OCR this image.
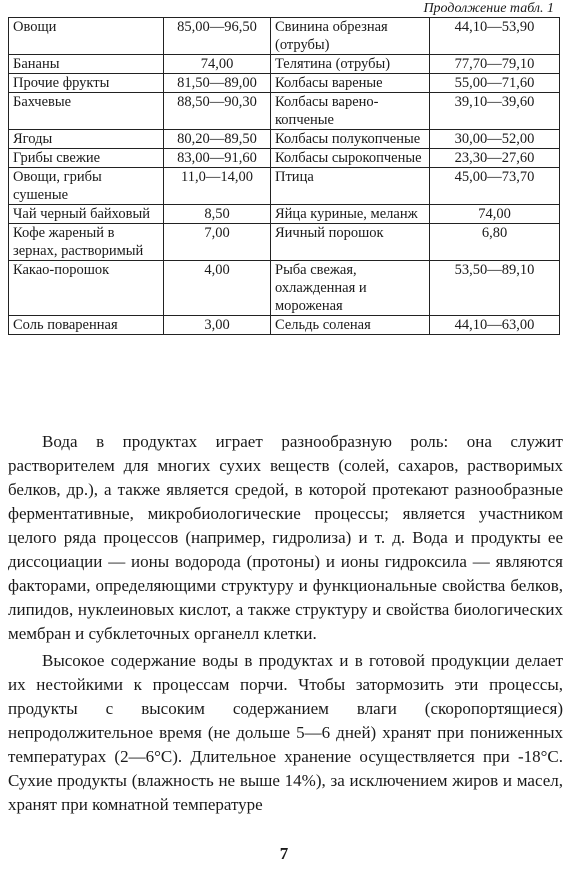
Продолжение табл. 1
Овощи	85,00—96,50	Свинина обрезная (отрубы)	44,10—53,90
Бананы	74,00	Телятина (отрубы)	77,70—79,10
Прочие фрукты	81,50—89,00	Колбасы вареные	55,00—71,60
Бахчевые	88,50—90,30	Колбасы варено-копченые	39,10—39,60
Ягоды	80,20—89,50	Колбасы полукопченые	30,00—52,00
Грибы свежие	83,00—91,60	Колбасы сырокопченые	23,30—27,60
Овощи, грибы сушеные	11,0—14,00	Птица	45,00—73,70
Чай черный байховый	8,50	Яйца куриные, меланж	74,00
Кофе жареный в зернах, растворимый	7,00	Яичный порошок	6,80
Какао-порошок	4,00	Рыба свежая, охлажденная и мороженая	53,50—89,10
Соль поваренная	3,00	Сельдь соленая	44,10—63,00

Вода в продуктах играет разнообразную роль: она служит растворителем для многих сухих веществ (солей, сахаров, растворимых белков, др.), а также является средой, в которой протекают разнообразные ферментативные, микробиологические процессы; является участником целого ряда процессов (например, гидролиза) и т. д. Вода и продукты ее диссоциации — ионы водорода (протоны) и ионы гидроксила — являются факторами, определяющими структуру и функциональные свойства белков, липидов, нуклеиновых кислот, а также структуру и свойства биологических мембран и субклеточных органелл клетки.

Высокое содержание воды в продуктах и в готовой продукции делает их нестойкими к процессам порчи. Чтобы затормозить эти процессы, продукты с высоким содержанием влаги (скоропортящиеся) непродолжительное время (не дольше 5—6 дней) хранят при пониженных температурах (2—6°С). Длительное хранение осуществляется при -18°С. Сухие продукты (влажность не выше 14%), за исключением жиров и масел, хранят при комнатной температуре

7
